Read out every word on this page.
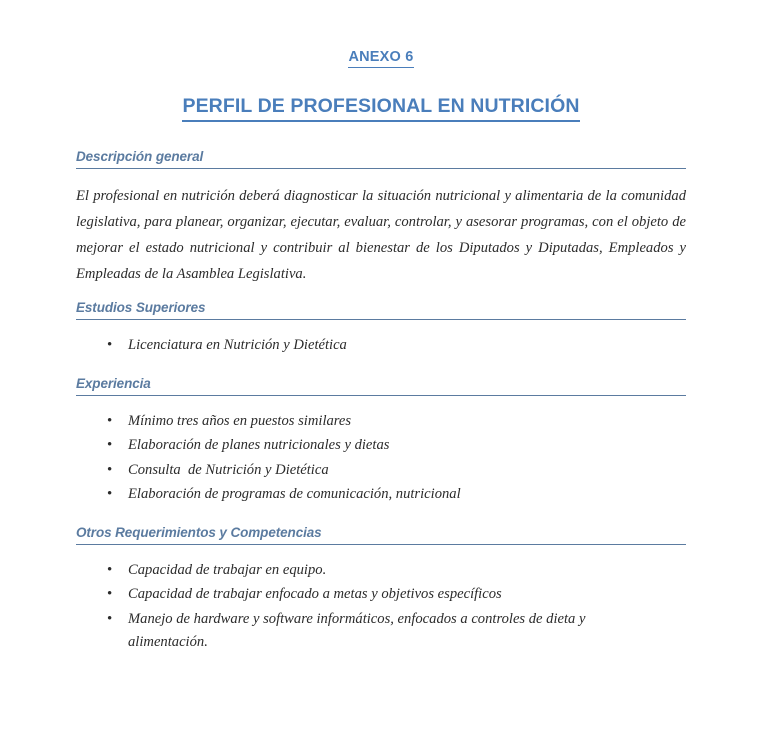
ANEXO 6
PERFIL DE PROFESIONAL EN NUTRICIÓN
Descripción general

El profesional en nutrición deberá diagnosticar la situación nutricional y alimentaria de la comunidad legislativa, para planear, organizar, ejecutar, evaluar, controlar, y asesorar programas, con el objeto de mejorar el estado nutricional y contribuir al bienestar de los Diputados y Diputadas, Empleados y Empleadas de la Asamblea Legislativa.

Estudios Superiores
• Licenciatura en Nutrición y Dietética
Experiencia
• Mínimo tres años en puestos similares
• Elaboración de planes nutricionales y dietas
• Consulta  de Nutrición y Dietética
• Elaboración de programas de comunicación, nutricional
Otros Requerimientos y Competencias
• Capacidad de trabajar en equipo.
• Capacidad de trabajar enfocado a metas y objetivos específicos
• Manejo de hardware y software informáticos, enfocados a controles de dieta y alimentación.
